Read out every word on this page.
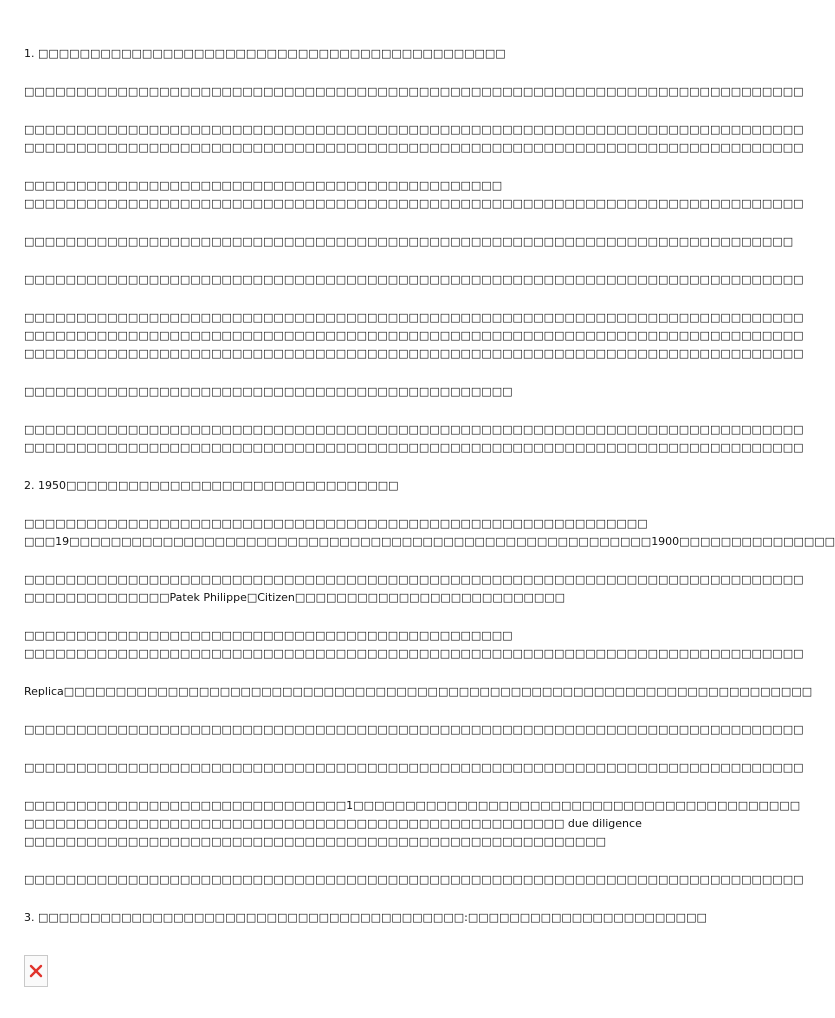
1. □□□□□□□□□□□□□□□□□□□□□□□□□□□□□□□□□□□□□□□□□□□□□
□□□□□□□□□□□□□□□□□□□□□□□□□□□□□□□□□□□□□□□□□□□□□□□□□□□□□□□□□□□□□□□□□□□□□□□□□□□
□□□□□□□□□□□□□□□□□□□□□□□□□□□□□□□□□□□□□□□□□□□□□□□□□□□□□□□□□□□□□□□□□□□□□□□□□□□
□□□□□□□□□□□□□□□□□□□□□□□□□□□□□□□□□□□□□□□□□□□□□□□□□□□□□□□□□□□□□□□□□□□□□□□□□□□
□□□□□□□□□□□□□□□□□□□□□□□□□□□□□□□□□□□□□□□□□□□□□□
□□□□□□□□□□□□□□□□□□□□□□□□□□□□□□□□□□□□□□□□□□□□□□□□□□□□□□□□□□□□□□□□□□□□□□□□□□□
□□□□□□□□□□□□□□□□□□□□□□□□□□□□□□□□□□□□□□□□□□□□□□□□□□□□□□□□□□□□□□□□□□□□□□□□□□
□□□□□□□□□□□□□□□□□□□□□□□□□□□□□□□□□□□□□□□□□□□□□□□□□□□□□□□□□□□□□□□□□□□□□□□□□□□
□□□□□□□□□□□□□□□□□□□□□□□□□□□□□□□□□□□□□□□□□□□□□□□□□□□□□□□□□□□□□□□□□□□□□□□□□□□
□□□□□□□□□□□□□□□□□□□□□□□□□□□□□□□□□□□□□□□□□□□□□□□□□□□□□□□□□□□□□□□□□□□□□□□□□□□
□□□□□□□□□□□□□□□□□□□□□□□□□□□□□□□□□□□□□□□□□□□□□□□□□□□□□□□□□□□□□□□□□□□□□□□□□□□
□□□□□□□□□□□□□□□□□□□□□□□□□□□□□□□□□□□□□□□□□□□□□□□
□□□□□□□□□□□□□□□□□□□□□□□□□□□□□□□□□□□□□□□□□□□□□□□□□□□□□□□□□□□□□□□□□□□□□□□□□□□
□□□□□□□□□□□□□□□□□□□□□□□□□□□□□□□□□□□□□□□□□□□□□□□□□□□□□□□□□□□□□□□□□□□□□□□□□□□
2. 1950□□□□□□□□□□□□□□□□□□□□□□□□□□□□□□□□
□□□□□□□□□□□□□□□□□□□□□□□□□□□□□□□□□□□□□□□□□□□□□□□□□□□□□□□□□□□□
□□□19□□□□□□□□□□□□□□□□□□□□□□□□□□□□□□□□□□□□□□□□□□□□□□□□□□□□□□□□1900□□□□□□□□□□□□□□□
□□□□□□□□□□□□□□□□□□□□□□□□□□□□□□□□□□□□□□□□□□□□□□□□□□□□□□□□□□□□□□□□□□□□□□□□□□□
□□□□□□□□□□□□□□Patek Philippe□Citizen□□□□□□□□□□□□□□□□□□□□□□□□□□
□□□□□□□□□□□□□□□□□□□□□□□□□□□□□□□□□□□□□□□□□□□□□□□
□□□□□□□□□□□□□□□□□□□□□□□□□□□□□□□□□□□□□□□□□□□□□□□□□□□□□□□□□□□□□□□□□□□□□□□□□□□
Replica□□□□□□□□□□□□□□□□□□□□□□□□□□□□□□□□□□□□□□□□□□□□□□□□□□□□□□□□□□□□□□□□□□□□□□□□
□□□□□□□□□□□□□□□□□□□□□□□□□□□□□□□□□□□□□□□□□□□□□□□□□□□□□□□□□□□□□□□□□□□□□□□□□□□
□□□□□□□□□□□□□□□□□□□□□□□□□□□□□□□□□□□□□□□□□□□□□□□□□□□□□□□□□□□□□□□□□□□□□□□□□□□
□□□□□□□□□□□□□□□□□□□□□□□□□□□□□□□1□□□□□□□□□□□□□□□□□□□□□□□□□□□□□□□□□□□□□□□□□□□
□□□□□□□□□□□□□□□□□□□□□□□□□□□□□□□□□□□□□□□□□□□□□□□□□□□□ due diligence
□□□□□□□□□□□□□□□□□□□□□□□□□□□□□□□□□□□□□□□□□□□□□□□□□□□□□□□□
□□□□□□□□□□□□□□□□□□□□□□□□□□□□□□□□□□□□□□□□□□□□□□□□□□□□□□□□□□□□□□□□□□□□□□□□□□□
3. □□□□□□□□□□□□□□□□□□□□□□□□□□□□□□□□□□□□□□□□□:□□□□□□□□□□□□□□□□□□□□□□□
